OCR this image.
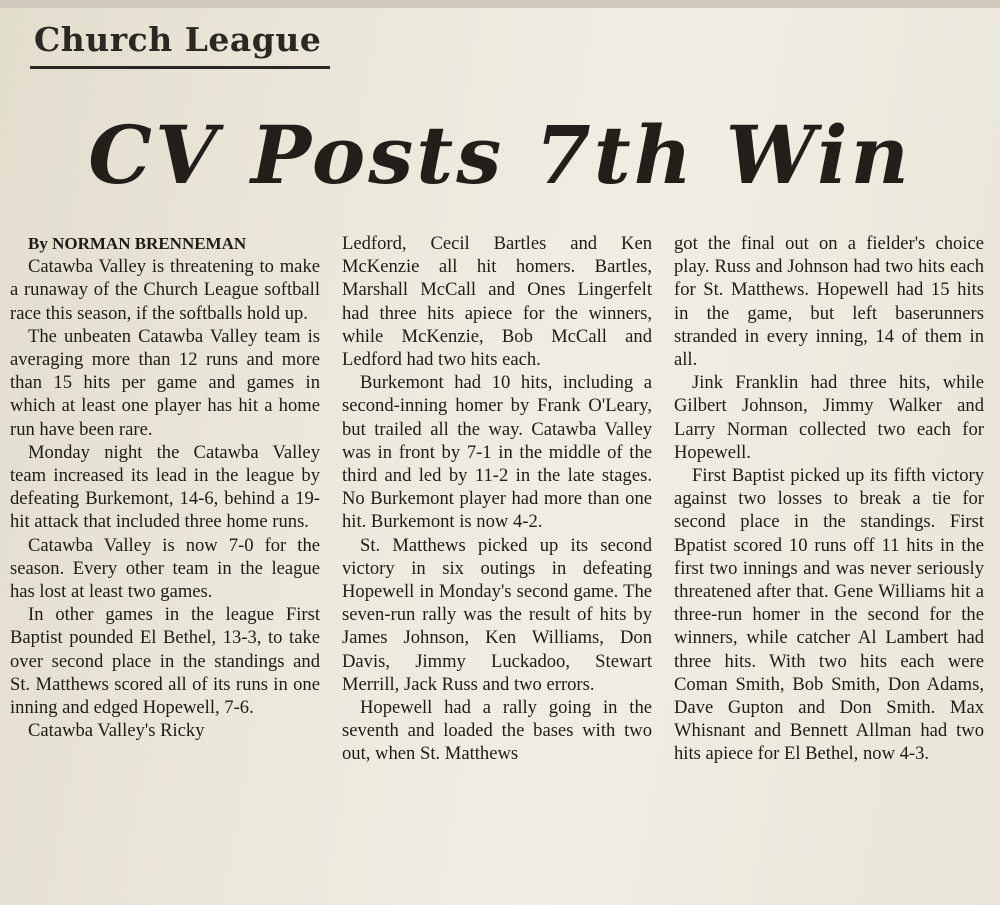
Church League
CV Posts 7th Win
By NORMAN BRENNEMAN

Catawba Valley is threatening to make a runaway of the Church League softball race this season, if the softballs hold up.

The unbeaten Catawba Valley team is averaging more than 12 runs and more than 15 hits per game and games in which at least one player has hit a home run have been rare.

Monday night the Catawba Valley team increased its lead in the league by defeating Burkemont, 14-6, behind a 19-hit attack that included three home runs.

Catawba Valley is now 7-0 for the season. Every other team in the league has lost at least two games.

In other games in the league First Baptist pounded El Bethel, 13-3, to take over second place in the standings and St. Matthews scored all of its runs in one inning and edged Hopewell, 7-6.

Catawba Valley's Ricky

Ledford, Cecil Bartles and Ken McKenzie all hit homers. Bartles, Marshall McCall and Ones Lingerfelt had three hits apiece for the winners, while McKenzie, Bob McCall and Ledford had two hits each.

Burkemont had 10 hits, including a second-inning homer by Frank O'Leary, but trailed all the way. Catawba Valley was in front by 7-1 in the middle of the third and led by 11-2 in the late stages. No Burkemont player had more than one hit. Burkemont is now 4-2.

St. Matthews picked up its second victory in six outings in defeating Hopewell in Monday's second game. The seven-run rally was the result of hits by James Johnson, Ken Williams, Don Davis, Jimmy Luckadoo, Stewart Merrill, Jack Russ and two errors.

Hopewell had a rally going in the seventh and loaded the bases with two out, when St. Matthews

got the final out on a fielder's choice play. Russ and Johnson had two hits each for St. Matthews. Hopewell had 15 hits in the game, but left baserunners stranded in every inning, 14 of them in all.

Jink Franklin had three hits, while Gilbert Johnson, Jimmy Walker and Larry Norman collected two each for Hopewell.

First Baptist picked up its fifth victory against two losses to break a tie for second place in the standings. First Bpatist scored 10 runs off 11 hits in the first two innings and was never seriously threatened after that. Gene Williams hit a three-run homer in the second for the winners, while catcher Al Lambert had three hits. With two hits each were Coman Smith, Bob Smith, Don Adams, Dave Gupton and Don Smith. Max Whisnant and Bennett Allman had two hits apiece for El Bethel, now 4-3.
